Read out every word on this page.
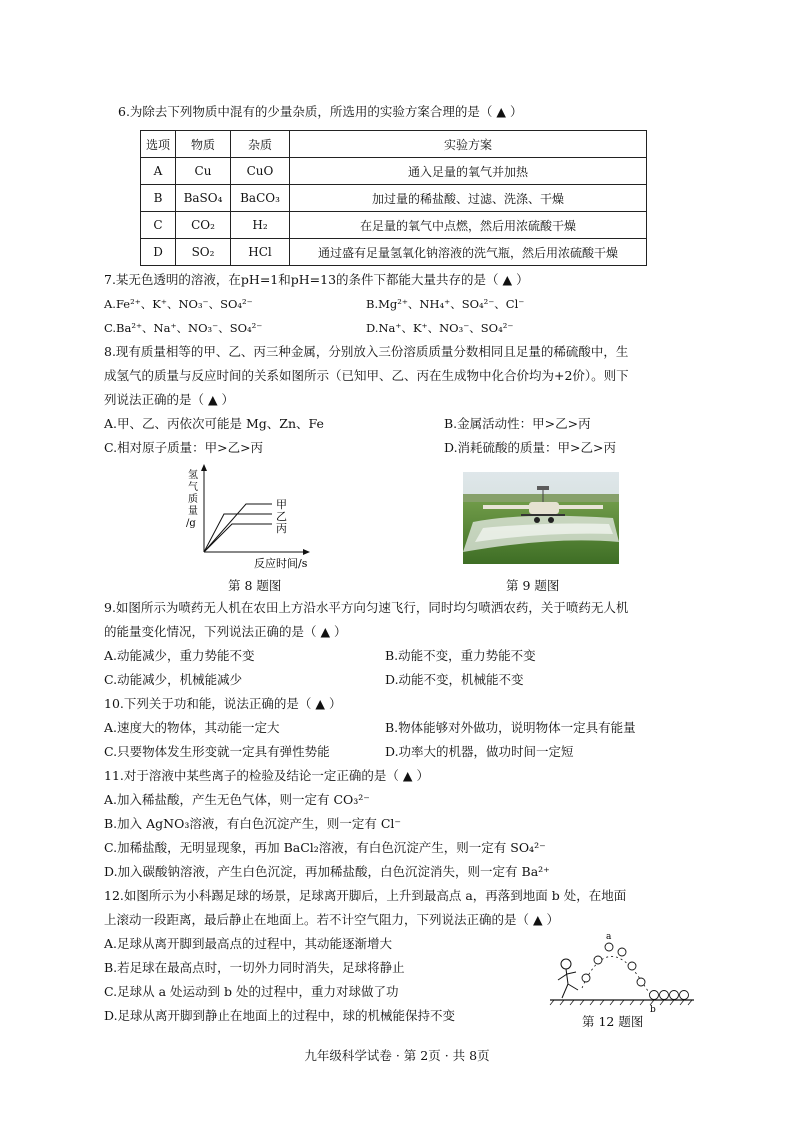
6.为除去下列物质中混有的少量杂质，所选用的实验方案合理的是（ ▲ ）
选项	物质	杂质	实验方案
A	Cu	CuO	通入足量的氧气并加热
B	BaSO₄	BaCO₃	加过量的稀盐酸、过滤、洗涤、干燥
C	CO₂	H₂	在足量的氧气中点燃，然后用浓硫酸干燥
D	SO₂	HCl	通过盛有足量氢氧化钠溶液的洗气瓶，然后用浓硫酸干燥
7.某无色透明的溶液，在pH=1和pH=13的条件下都能大量共存的是（ ▲ ）
A.Fe²⁺、K⁺、NO₃⁻、SO₄²⁻	B.Mg²⁺、NH₄⁺、SO₄²⁻、Cl⁻
C.Ba²⁺、Na⁺、NO₃⁻、SO₄²⁻	D.Na⁺、K⁺、NO₃⁻、SO₄²⁻
8.现有质量相等的甲、乙、丙三种金属，分别放入三份溶质质量分数相同且足量的稀硫酸中，生
成氢气的质量与反应时间的关系如图所示（已知甲、乙、丙在生成物中化合价均为+2价）。则下
列说法正确的是（ ▲ ）
A.甲、乙、丙依次可能是 Mg、Zn、Fe	B.金属活动性：甲>乙>丙
C.相对原子质量：甲>乙>丙	D.消耗硫酸的质量：甲>乙>丙
氢
气
质
量
/g
甲
乙
丙
反应时间/s
第 8 题图	第 9 题图
9.如图所示为喷药无人机在农田上方沿水平方向匀速飞行，同时均匀喷洒农药，关于喷药无人机
的能量变化情况，下列说法正确的是（ ▲ ）
A.动能减少，重力势能不变	B.动能不变，重力势能不变
C.动能减少，机械能减少	D.动能不变，机械能不变
10.下列关于功和能，说法正确的是（ ▲ ）
A.速度大的物体，其动能一定大	B.物体能够对外做功，说明物体一定具有能量
C.只要物体发生形变就一定具有弹性势能	D.功率大的机器，做功时间一定短
11.对于溶液中某些离子的检验及结论一定正确的是（ ▲ ）
A.加入稀盐酸，产生无色气体，则一定有 CO₃²⁻
B.加入 AgNO₃溶液，有白色沉淀产生，则一定有 Cl⁻
C.加稀盐酸，无明显现象，再加 BaCl₂溶液，有白色沉淀产生，则一定有 SO₄²⁻
D.加入碳酸钠溶液，产生白色沉淀，再加稀盐酸，白色沉淀消失，则一定有 Ba²⁺
12.如图所示为小科踢足球的场景，足球离开脚后，上升到最高点 a，再落到地面 b 处，在地面
上滚动一段距离，最后静止在地面上。若不计空气阻力，下列说法正确的是（ ▲ ）
A.足球从离开脚到最高点的过程中，其动能逐渐增大
B.若足球在最高点时，一切外力同时消失，足球将静止
C.足球从 a 处运动到 b 处的过程中，重力对球做了功
D.足球从离开脚到静止在地面上的过程中，球的机械能保持不变
a
b
第 12 题图
九年级科学试卷 · 第 2页 · 共 8页
